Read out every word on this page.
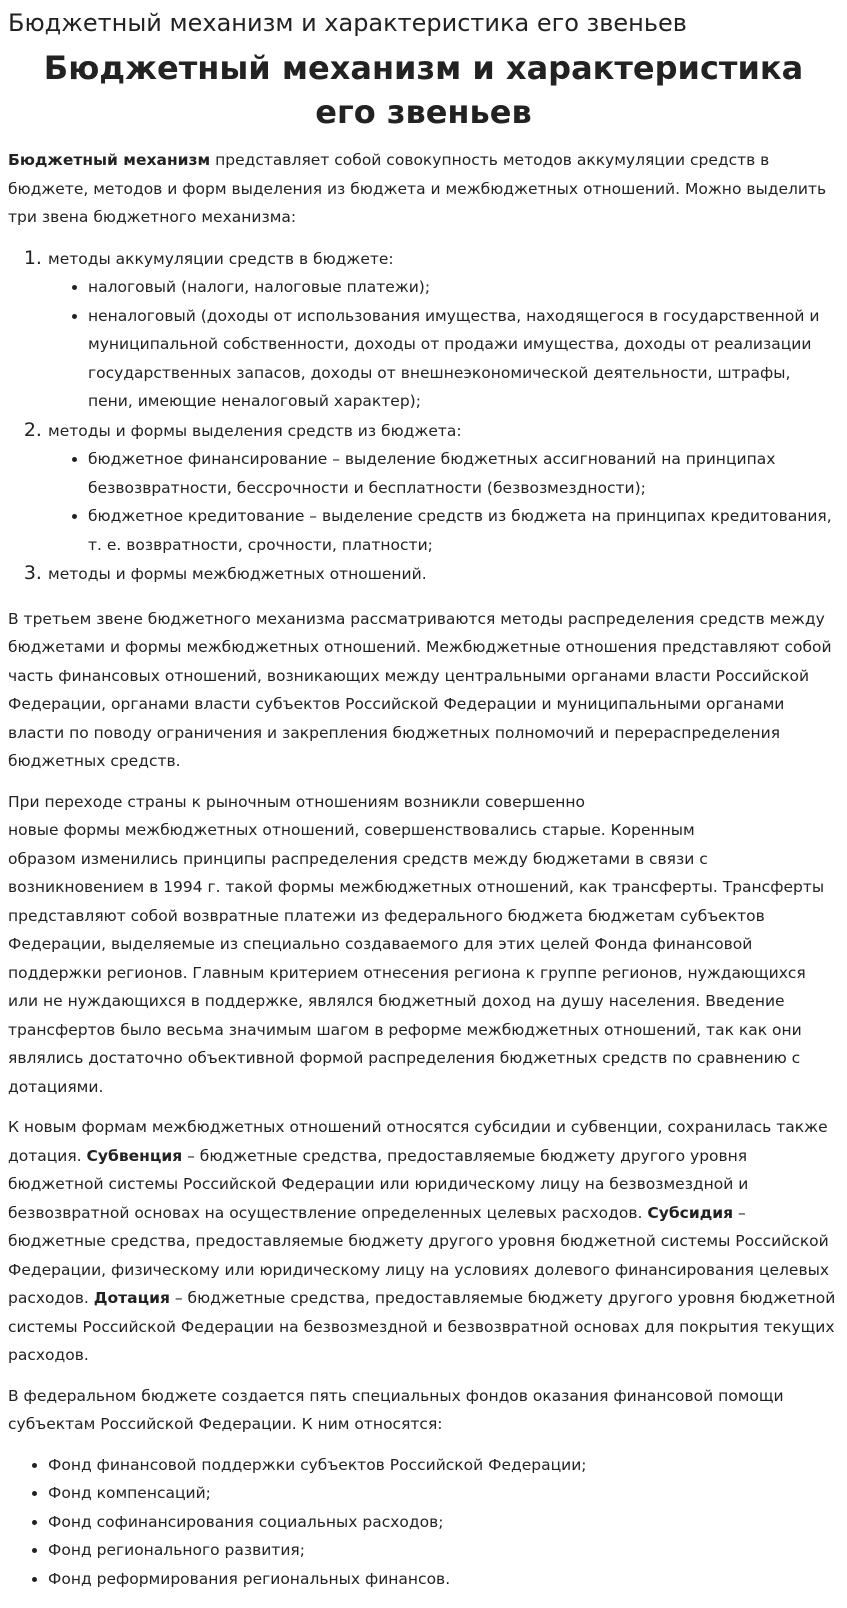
Бюджетный механизм и характеристика его звеньев
Бюджетный механизм и характеристика
его звеньев

Бюджетный механизм представляет собой совокупность методов аккумуляции средств в бюджете, методов и форм выделения из бюджета и межбюджетных отношений. Можно выделить три звена бюджетного механизма:

1. методы аккумуляции средств в бюджете:
• налоговый (налоги, налоговые платежи);
• неналоговый (доходы от использования имущества, находящегося в государственной и муниципальной собственности, доходы от продажи имущества, доходы от реализации государственных запасов, доходы от внешнеэкономической деятельности, штрафы, пени, имеющие неналоговый характер);
2. методы и формы выделения средств из бюджета:
• бюджетное финансирование – выделение бюджетных ассигнований на принципах безвозвратности, бессрочности и бесплатности (безвозмездности);
• бюджетное кредитование – выделение средств из бюджета на принципах кредитования, т. е. возвратности, срочности, платности;
3. методы и формы межбюджетных отношений.

В третьем звене бюджетного механизма рассматриваются методы распределения средств между бюджетами и формы межбюджетных отношений. Межбюджетные отношения представляют собой часть финансовых отношений, возникающих между центральными органами власти Российской Федерации, органами власти субъектов Российской Федерации и муниципальными органами власти по поводу ограничения и закрепления бюджетных полномочий и перераспределения бюджетных средств.

При переходе страны к рыночным отношениям возникли совершенно
новые формы межбюджетных отношений, совершенствовались старые. Коренным
образом изменились принципы распределения средств между бюджетами в связи с возникновением в 1994 г. такой формы межбюджетных отношений, как трансферты. Трансферты представляют собой возвратные платежи из федерального бюджета бюджетам субъектов Федерации, выделяемые из специально создаваемого для этих целей Фонда финансовой поддержки регионов. Главным критерием отнесения региона к группе регионов, нуждающихся или не нуждающихся в поддержке, являлся бюджетный доход на душу населения. Введение трансфертов было весьма значимым шагом в реформе межбюджетных отношений, так как они являлись достаточно объективной формой распределения бюджетных средств по сравнению с дотациями.

К новым формам межбюджетных отношений относятся субсидии и субвенции, сохранилась также дотация. Субвенция – бюджетные средства, предоставляемые бюджету другого уровня бюджетной системы Российской Федерации или юридическому лицу на безвозмездной и безвозвратной основах на осуществление определенных целевых расходов. Субсидия – бюджетные средства, предоставляемые бюджету другого уровня бюджетной системы Российской Федерации, физическому или юридическому лицу на условиях долевого финансирования целевых расходов. Дотация – бюджетные средства, предоставляемые бюджету другого уровня бюджетной системы Российской Федерации на безвозмездной и безвозвратной основах для покрытия текущих расходов.

В федеральном бюджете создается пять специальных фондов оказания финансовой помощи субъектам Российской Федерации. К ним относятся:

• Фонд финансовой поддержки субъектов Российской Федерации;
• Фонд компенсаций;
• Фонд софинансирования социальных расходов;
• Фонд регионального развития;
• Фонд реформирования региональных финансов.
